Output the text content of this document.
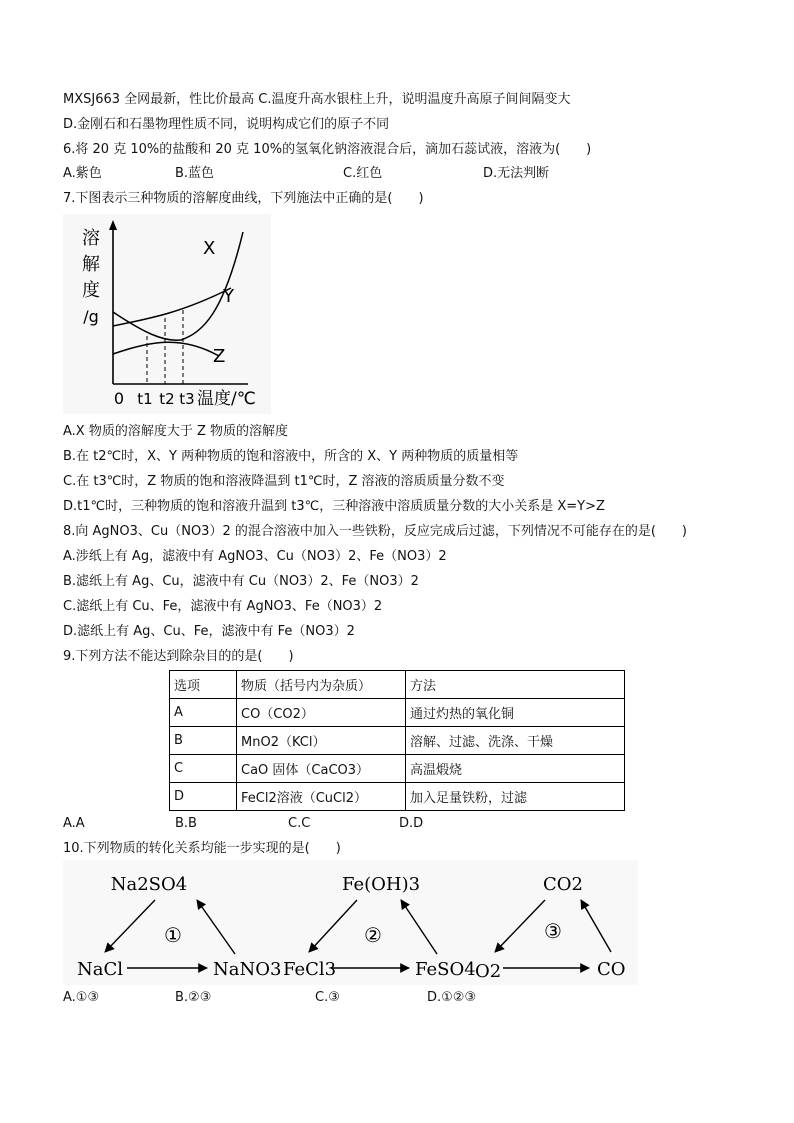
MXSJ663 全网最新，性比价最高 C.温度升高水银柱上升，说明温度升高原子间间隔变大
D.金刚石和石墨物理性质不同，说明构成它们的原子不同
6.将 20 克 10%的盐酸和 20 克 10%的氢氧化钠溶液混合后，滴加石蕊试液，溶液为(　　)
A.紫色	B.蓝色	C.红色	D.无法判断
7.下图表示三种物质的溶解度曲线，下列施法中正确的是(　　)
溶
解
度
/g
X
Y
Z
0 t1 t2 t3 温度/℃
A.X 物质的溶解度大于 Z 物质的溶解度
B.在 t2℃时，X、Y 两种物质的饱和溶液中，所含的 X、Y 两种物质的质量相等
C.在 t3℃时，Z 物质的饱和溶液降温到 t1℃时，Z 溶液的溶质质量分数不变
D.t1℃时，三种物质的饱和溶液升温到 t3℃，三种溶液中溶质质量分数的大小关系是 X=Y>Z
8.向 AgNO3、Cu（NO3）2 的混合溶液中加入一些铁粉，反应完成后过滤，下列情况不可能存在的是(　　)
A.涉纸上有 Ag，滤液中有 AgNO3、Cu（NO3）2、Fe（NO3）2
B.滤纸上有 Ag、Cu，滤液中有 Cu（NO3）2、Fe（NO3）2
C.滤纸上有 Cu、Fe，滤液中有 AgNO3、Fe（NO3）2
D.滤纸上有 Ag、Cu、Fe，滤液中有 Fe（NO3）2
9.下列方法不能达到除杂目的的是(　　)
选项	物质（括号内为杂质）	方法
A	CO（CO2）	通过灼热的氧化铜
B	MnO2（KCl）	溶解、过滤、洗涤、干燥
C	CaO 固体（CaCO3）	高温煅烧
D	FeCl2溶液（CuCl2）	加入足量铁粉，过滤
A.A	B.B	C.C	D.D
10.下列物质的转化关系均能一步实现的是(　　)
Na2SO4
NaCl	NaNO3
①
Fe(OH)3
FeCl3	FeSO4
②
CO2
O2	CO
③
A.①③	B.②③	C.③	D.①②③
